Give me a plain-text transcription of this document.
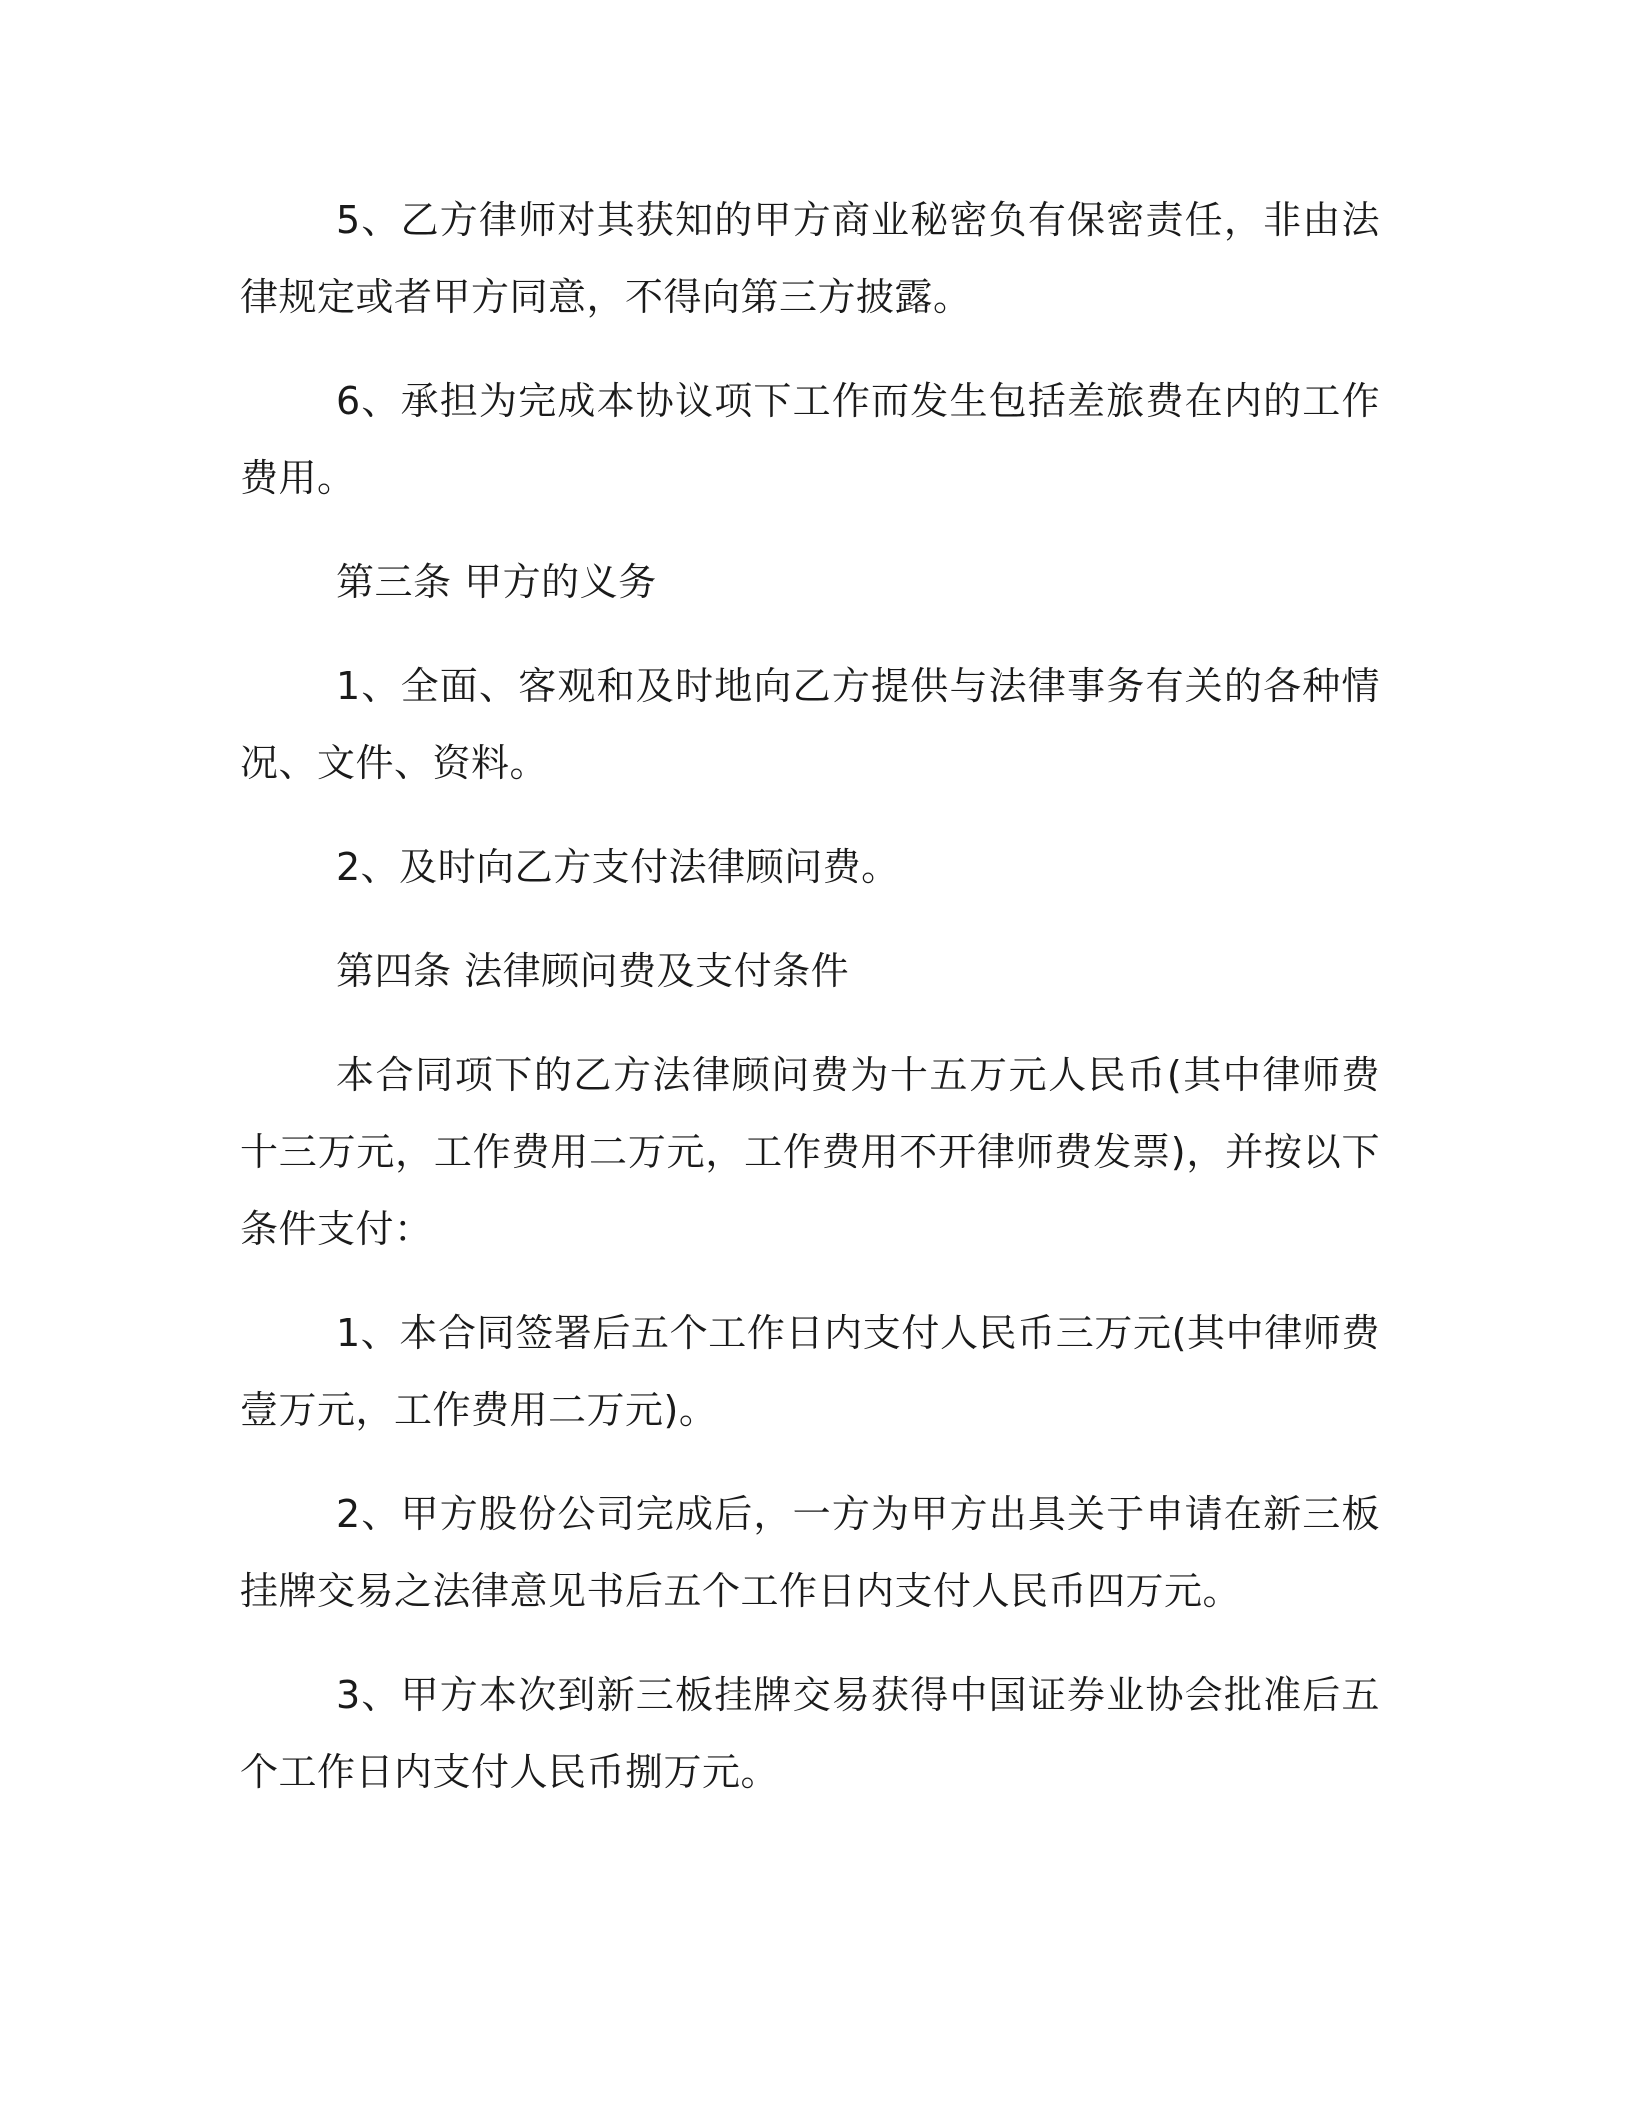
5、乙方律师对其获知的甲方商业秘密负有保密责任，非由法律规定或者甲方同意，不得向第三方披露。

6、承担为完成本协议项下工作而发生包括差旅费在内的工作费用。

第三条 甲方的义务

1、全面、客观和及时地向乙方提供与法律事务有关的各种情况、文件、资料。

2、及时向乙方支付法律顾问费。

第四条 法律顾问费及支付条件

本合同项下的乙方法律顾问费为十五万元人民币(其中律师费十三万元，工作费用二万元，工作费用不开律师费发票)，并按以下条件支付：

1、本合同签署后五个工作日内支付人民币三万元(其中律师费壹万元，工作费用二万元)。

2、甲方股份公司完成后，一方为甲方出具关于申请在新三板挂牌交易之法律意见书后五个工作日内支付人民币四万元。

3、甲方本次到新三板挂牌交易获得中国证券业协会批准后五个工作日内支付人民币捌万元。
